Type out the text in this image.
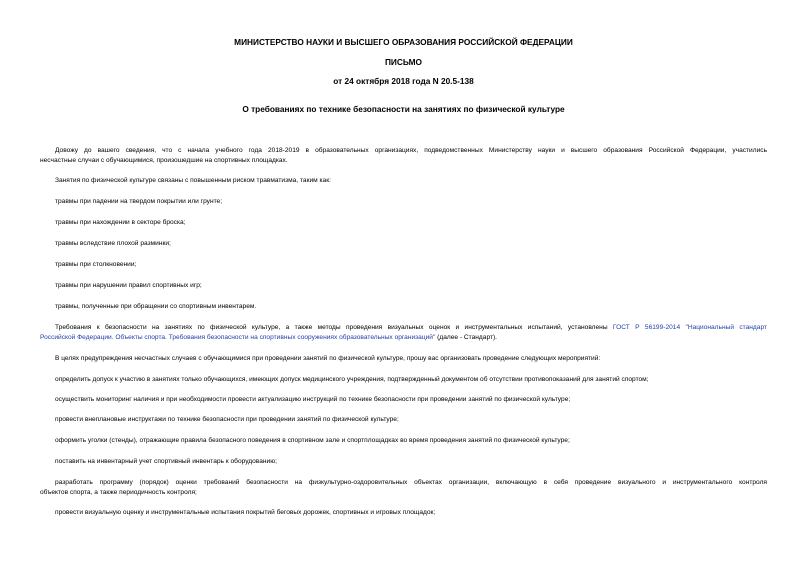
МИНИСТЕРСТВО НАУКИ И ВЫСШЕГО ОБРАЗОВАНИЯ РОССИЙСКОЙ ФЕДЕРАЦИИ
ПИСЬМО
от 24 октября 2018 года N 20.5-138
О требованиях по технике безопасности на занятиях по физической культуре
Довожу до вашего сведения, что с начала учебного года 2018-2019 в образовательных организациях, подведомственных Министерству науки и высшего образования Российской Федерации, участились
несчастные случаи с обучающимися, произошедшие на спортивных площадках.
Занятия по физической культуре связаны с повышенным риском травматизма, таким как:
травмы при падении на твердом покрытии или грунте;
травмы при нахождении в секторе броска;
травмы вследствие плохой разминки;
травмы при столкновении;
травмы при нарушении правил спортивных игр;
травмы, полученные при обращении со спортивным инвентарем.
Требования к безопасности на занятиях по физической культуре, а также методы проведения визуальных оценок и инструментальных испытаний, установлены ГОСТ Р 56199-2014 "Национальный стандарт
Российской Федерации. Объекты спорта. Требования безопасности на спортивных сооружениях образовательных организаций" (далее - Стандарт).
В целях предупреждения несчастных случаев с обучающимися при проведении занятий по физической культуре, прошу вас организовать проведение следующих мероприятий:
определить допуск к участию в занятиях только обучающихся, имеющих допуск медицинского учреждения, подтвержденный документом об отсутствии противопоказаний для занятий спортом;
осуществить мониторинг наличия и при необходимости провести актуализацию инструкций по технике безопасности при проведении занятий по физической культуре;
провести внеплановые инструктажи по технике безопасности при проведении занятий по физической культуре;
оформить уголки (стенды), отражающие правила безопасного поведения в спортивном зале и спортплощадках во время проведения занятий по физической культуре;
поставить на инвентарный учет спортивный инвентарь к оборудованию;
разработать программу (порядок) оценки требований безопасности на физкультурно-оздоровительных объектах организации, включающую в себя проведение визуального и инструментального контроля
объектов спорта, а также периодичность контроля;
провести визуальную оценку и инструментальные испытания покрытий беговых дорожек, спортивных и игровых площадок;
